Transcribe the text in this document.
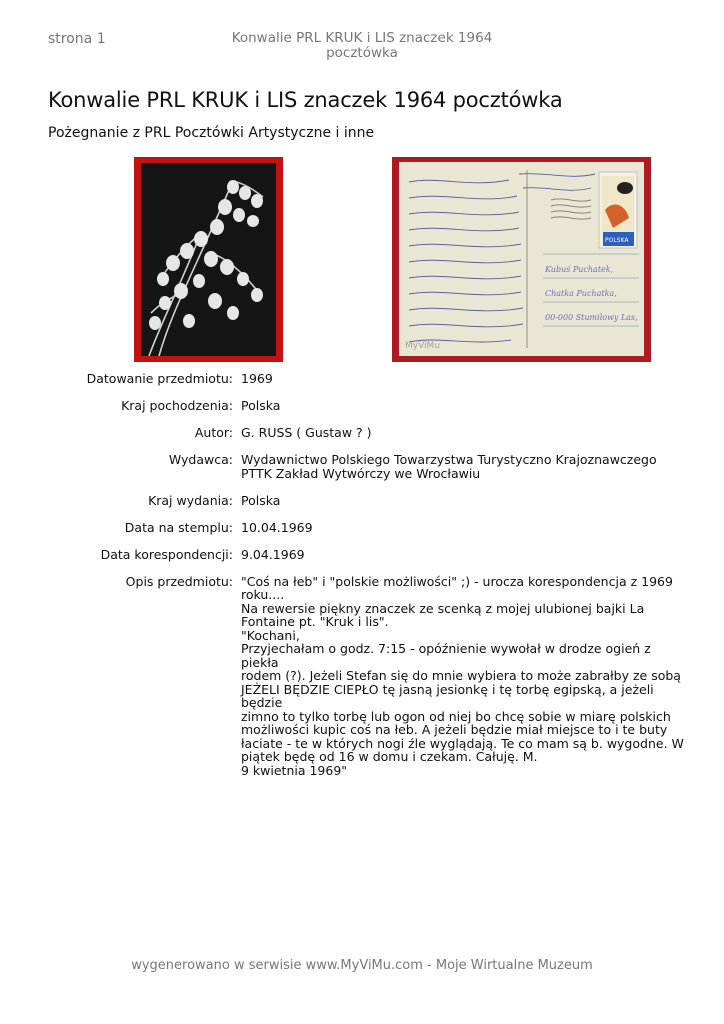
strona 1	Konwalie PRL KRUK i LIS znaczek 1964 pocztówka
Konwalie PRL KRUK i LIS znaczek 1964 pocztówka
Pożegnanie z PRL Pocztówki Artystyczne i inne
POLSKA
Kubuś Puchatek,
Chatka Puchatka,
00-000 Stumilowy Las,
MyViMu
Datowanie przedmiotu: 1969
Kraj pochodzenia: Polska
Autor: G. RUSS ( Gustaw ? )
Wydawca: Wydawnictwo Polskiego Towarzystwa Turystyczno Krajoznawczego
PTTK Zakład Wytwórczy we Wrocławiu
Kraj wydania: Polska
Data na stemplu: 10.04.1969
Data korespondencji: 9.04.1969
Opis przedmiotu: "Coś na łeb" i "polskie możliwości" ;) - urocza korespondencja z 1969
roku....
Na rewersie piękny znaczek ze scenką z mojej ulubionej bajki La
Fontaine pt. "Kruk i lis".
"Kochani,
Przyjechałam o godz. 7:15 - opóźnienie wywołał w drodze ogień z piekła
rodem (?). Jeżeli Stefan się do mnie wybiera to może zabrałby ze sobą
JEŻELI BĘDZIE CIEPŁO tę jasną jesionkę i tę torbę egipską, a jeżeli będzie
zimno to tylko torbę lub ogon od niej bo chcę sobie w miarę polskich
możliwości kupic coś na łeb. A jeżeli będzie miał miejsce to i te buty
łaciate - te w których nogi źle wyglądają. Te co mam są b. wygodne. W
piątek będę od 16 w domu i czekam. Całuję. M.
9 kwietnia 1969"
wygenerowano w serwisie www.MyViMu.com - Moje Wirtualne Muzeum
